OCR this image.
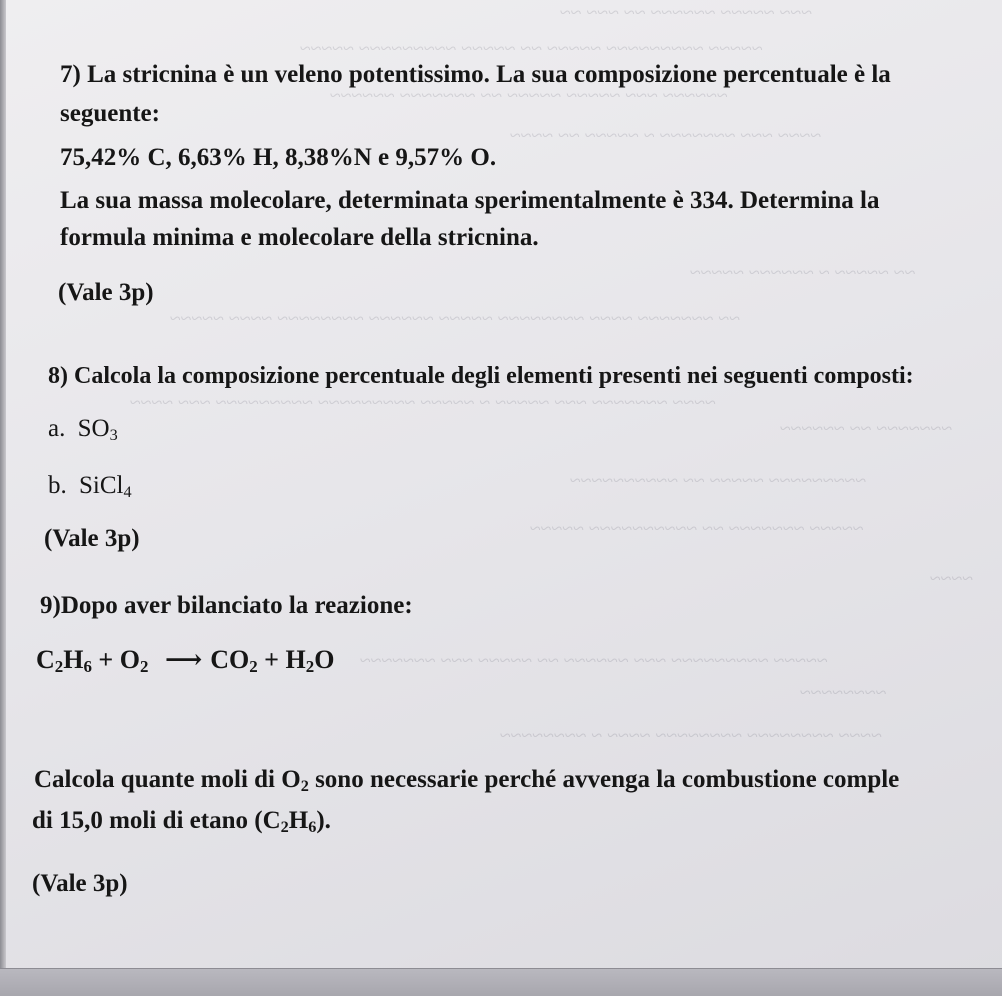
~~~ ~~~~~ ~~~~~~ ~~ ~~~ ~~
~~~~~ ~~~~~~~~~ ~~~~~ ~~ ~~~~~ ~~~~~~~~~ ~~~~~
~~~~~~ ~~~ ~~~~~ ~~~~~ ~~ ~~~~~~~ ~~~~~~
~~~~ ~~~ ~~~~~~~ ~ ~~~~~ ~~ ~~~~
~~ ~~~~~ ~ ~~~~~~ ~~~~~
~~ ~~~~~~~ ~~~~ ~~~~~~~~ ~~~~~ ~~~~~~ ~~~~~~~~ ~~~~ ~~~~~
~~~~ ~~~~~~~ ~~~ ~~~~~ ~ ~~~~~ ~~~~~~~~~ ~~~~~~~~~ ~~~ ~~~~
~~~~~~~ ~~ ~~~~~~
~~~~~~~~~ ~~~~~ ~~ ~~~~~~~~~~
~~~~~ ~~~~~~~ ~~ ~~~~~~~~~~ ~~~~~
~~~~
~~~~~ ~~~~~~~~~ ~~~ ~~~~~~ ~~ ~~~~~ ~~~ ~~~~~~~
~~~~~~~~
~~~~ ~~~~~~~~ ~~~~~~~~ ~~~~ ~ ~~~~~~~~
7) La stricnina è un veleno potentissimo. La sua composizione percentuale è la
seguente:
75,42% C, 6,63% H, 8,38%N e 9,57% O.
La sua massa molecolare, determinata sperimentalmente è 334. Determina la
formula minima e molecolare della stricnina.
(Vale 3p)
8) Calcola la composizione percentuale degli elementi presenti nei seguenti composti:
a. $SO_3$
b. SiCl$_4$
(Vale 3p)
9)Dopo aver bilanciato la reazione:
$C_2H_6 + O_2$ ⟶ $CO_2 + H_2O$
Calcola quante moli di $O_2$ sono necessarie perché avvenga la combustione comple
di 15,0 moli di etano $(C_2H_6)$.
(Vale 3p)
